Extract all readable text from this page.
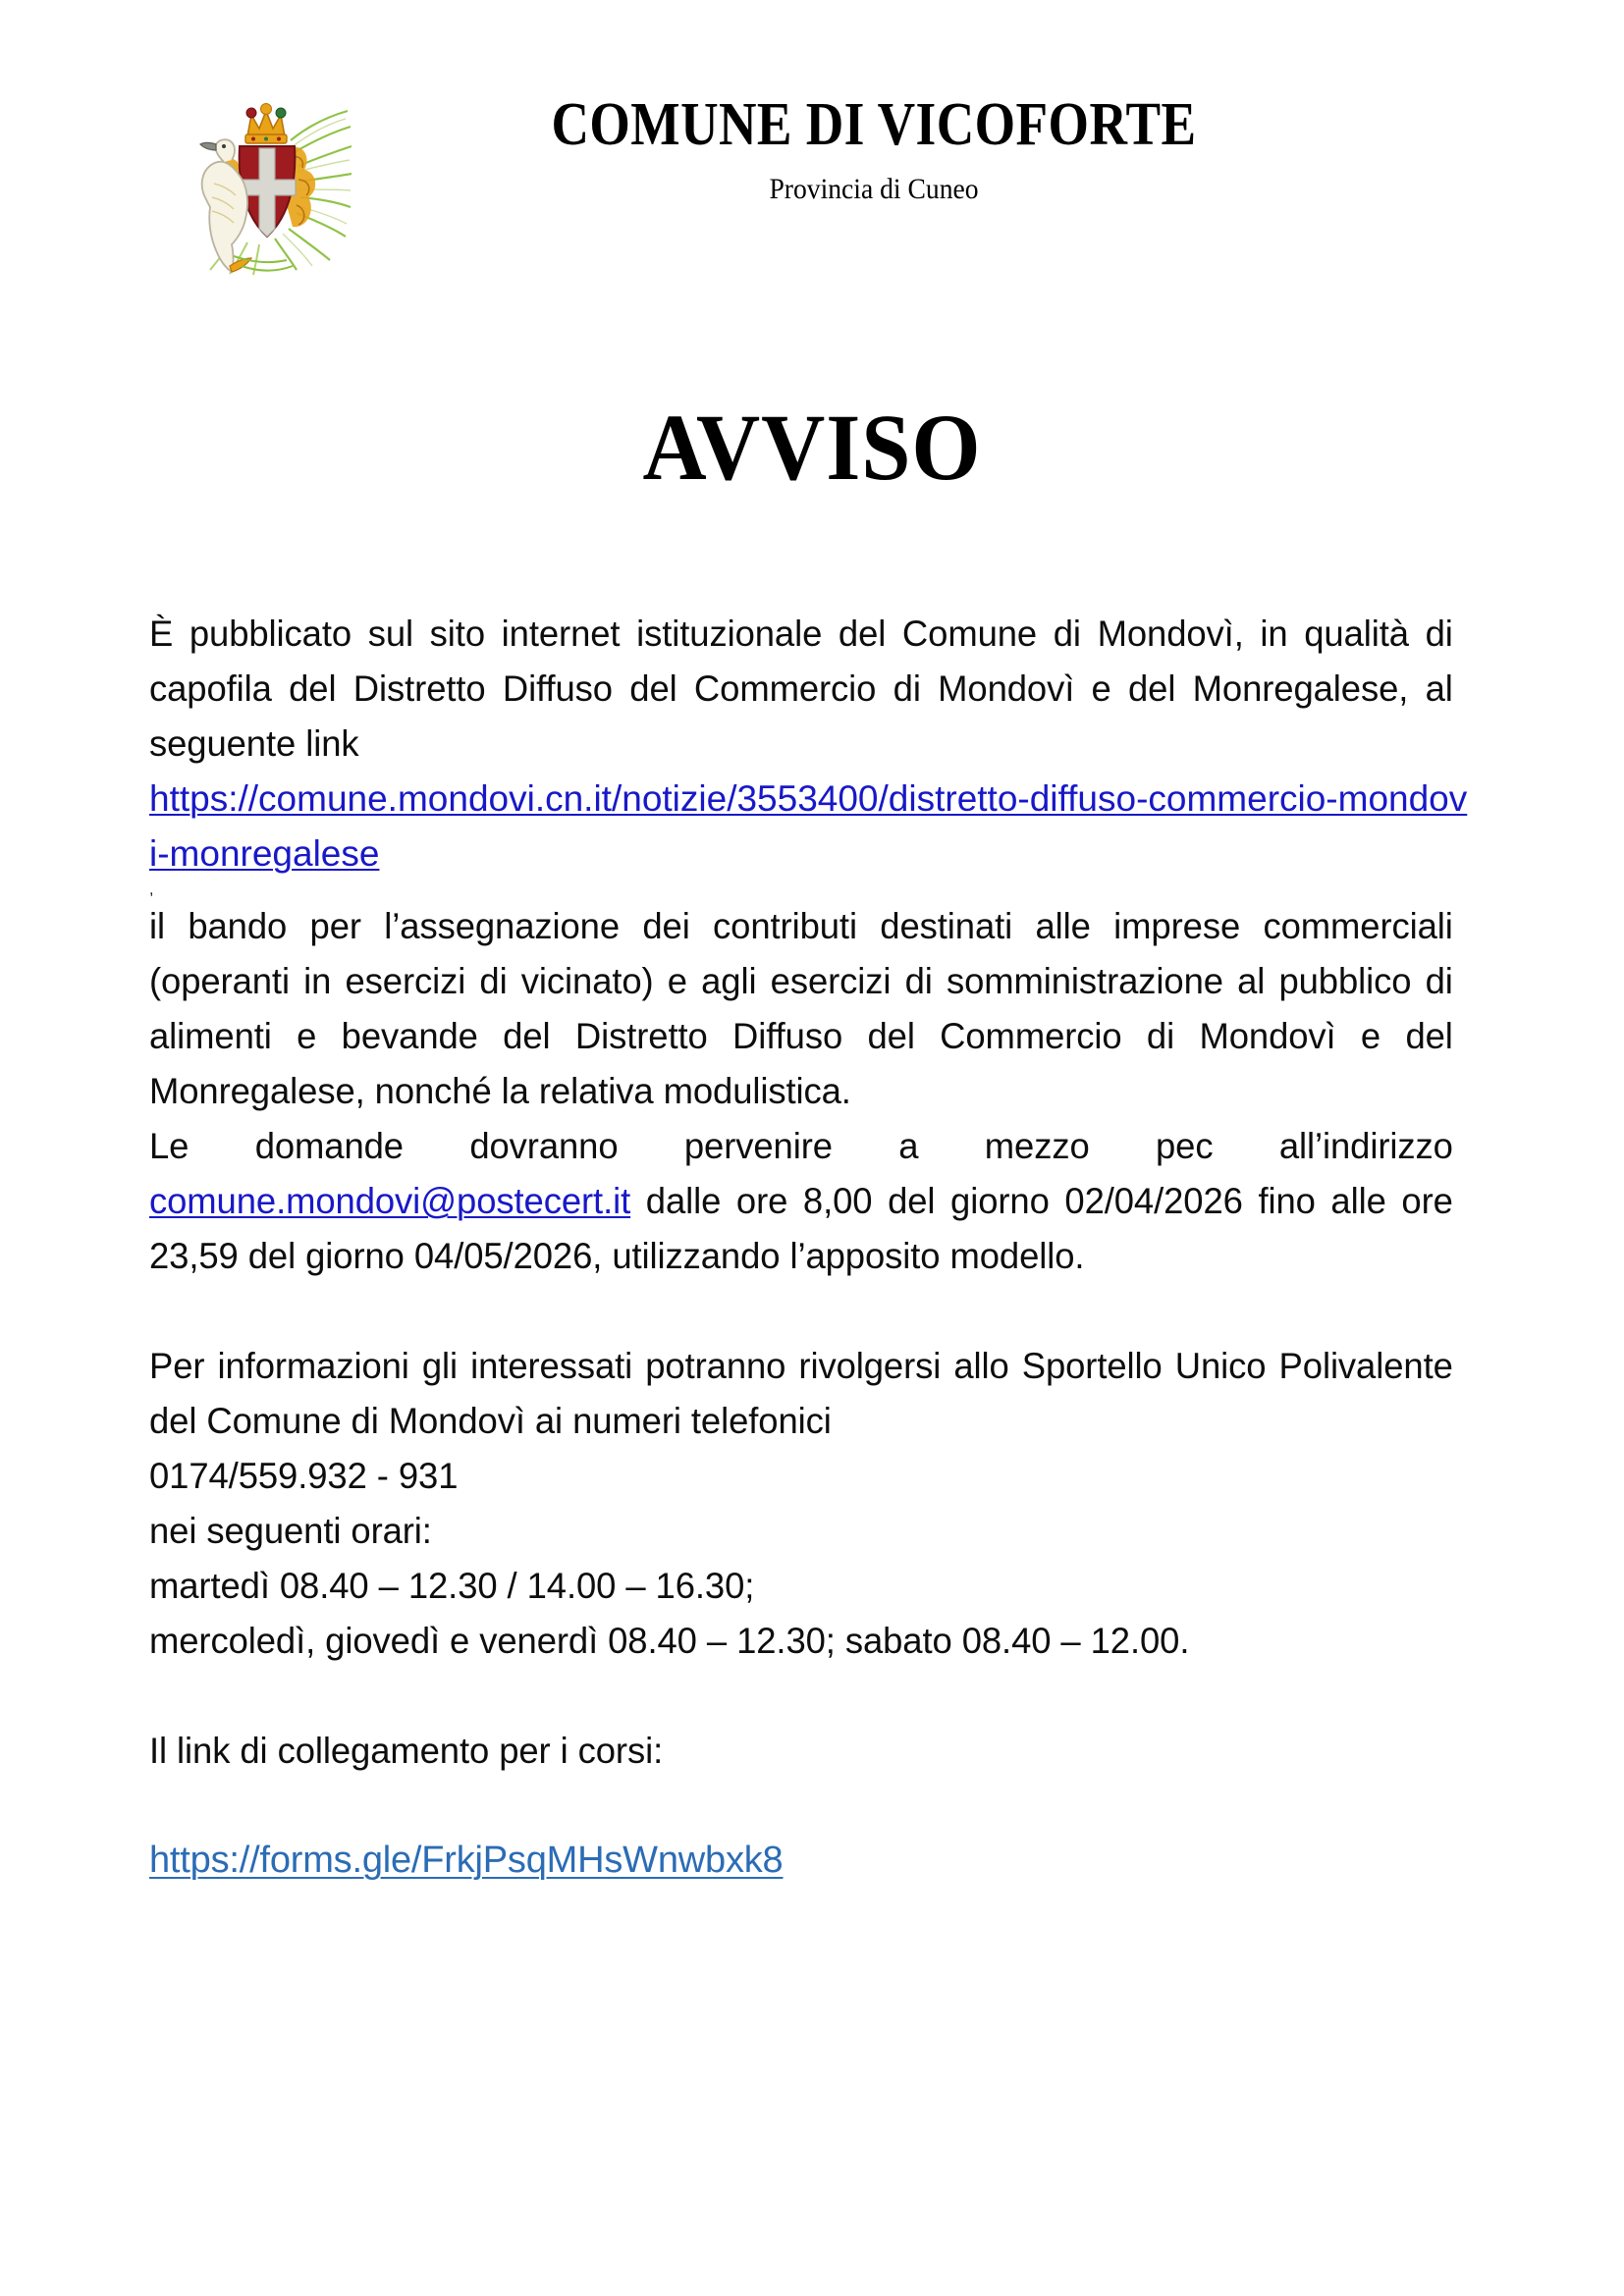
COMUNE DI VICOFORTE
Provincia di Cuneo
AVVISO

È pubblicato sul sito internet istituzionale del Comune di Mondovì, in qualità di capofila del Distretto Diffuso del Commercio di Mondovì e del Monregalese, al seguente link

https://comune.mondovi.cn.it/notizie/3553400/distretto-diffuso-commercio-mondovi-monregalese
,

il bando per l’assegnazione dei contributi destinati alle imprese commerciali (operanti in esercizi di vicinato) e agli esercizi di somministrazione al pubblico di alimenti e bevande del Distretto Diffuso del Commercio di Mondovì e del Monregalese, nonché la relativa modulistica.

Le domande dovranno pervenire a mezzo pec all’indirizzo comune.mondovi@postecert.it dalle ore 8,00 del giorno 02/04/2026 fino alle ore 23,59 del giorno 04/05/2026, utilizzando l’apposito modello.

Per informazioni gli interessati potranno rivolgersi allo Sportello Unico Polivalente del Comune di Mondovì ai numeri telefonici

0174/559.932 - 931

nei seguenti orari:

martedì 08.40 – 12.30 / 14.00 – 16.30;

mercoledì, giovedì e venerdì 08.40 – 12.30; sabato 08.40 – 12.00.

Il link di collegamento per i corsi:

https://forms.gle/FrkjPsqMHsWnwbxk8
